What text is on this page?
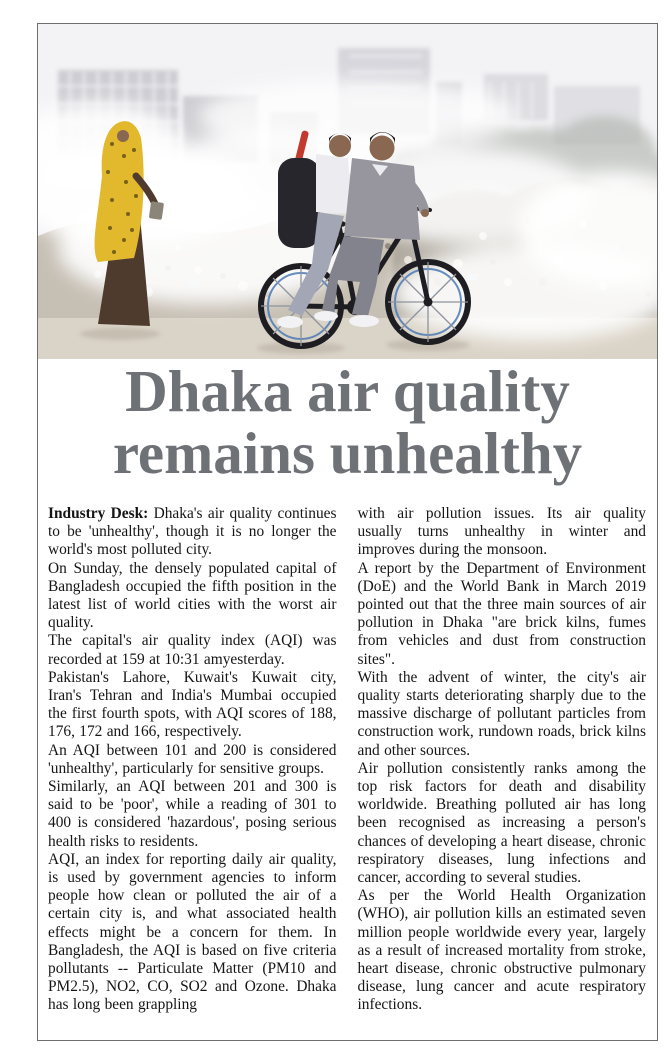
Dhaka air quality
remains unhealthy

Industry Desk: Dhaka's air quality continues to be 'unhealthy', though it is no longer the world's most polluted city.

On Sunday, the densely populated capital of Bangladesh occupied the fifth position in the latest list of world cities with the worst air quality.

The capital's air quality index (AQI) was recorded at 159 at 10:31 amyesterday.

Pakistan's Lahore, Kuwait's Kuwait city, Iran's Tehran and India's Mumbai occupied the first fourth spots, with AQI scores of 188, 176, 172 and 166, respectively.

An AQI between 101 and 200 is considered 'unhealthy', particularly for sensitive groups.

Similarly, an AQI between 201 and 300 is said to be 'poor', while a reading of 301 to 400 is considered 'hazardous', posing serious health risks to residents.

AQI, an index for reporting daily air quality, is used by government agencies to inform people how clean or polluted the air of a certain city is, and what associated health effects might be a concern for them. In Bangladesh, the AQI is based on five criteria pollutants -- Particulate Matter (PM10 and PM2.5), NO2, CO, SO2 and Ozone. Dhaka has long been grappling

with air pollution issues. Its air quality usually turns unhealthy in winter and improves during the monsoon.

A report by the Department of Environment (DoE) and the World Bank in March 2019 pointed out that the three main sources of air pollution in Dhaka "are brick kilns, fumes from vehicles and dust from construction sites".

With the advent of winter, the city's air quality starts deteriorating sharply due to the massive discharge of pollutant particles from construction work, rundown roads, brick kilns and other sources.

Air pollution consistently ranks among the top risk factors for death and disability worldwide. Breathing polluted air has long been recognised as increasing a person's chances of developing a heart disease, chronic respiratory diseases, lung infections and cancer, according to several studies.

As per the World Health Organization (WHO), air pollution kills an estimated seven million people worldwide every year, largely as a result of increased mortality from stroke, heart disease, chronic obstructive pulmonary disease, lung cancer and acute respiratory infections.
